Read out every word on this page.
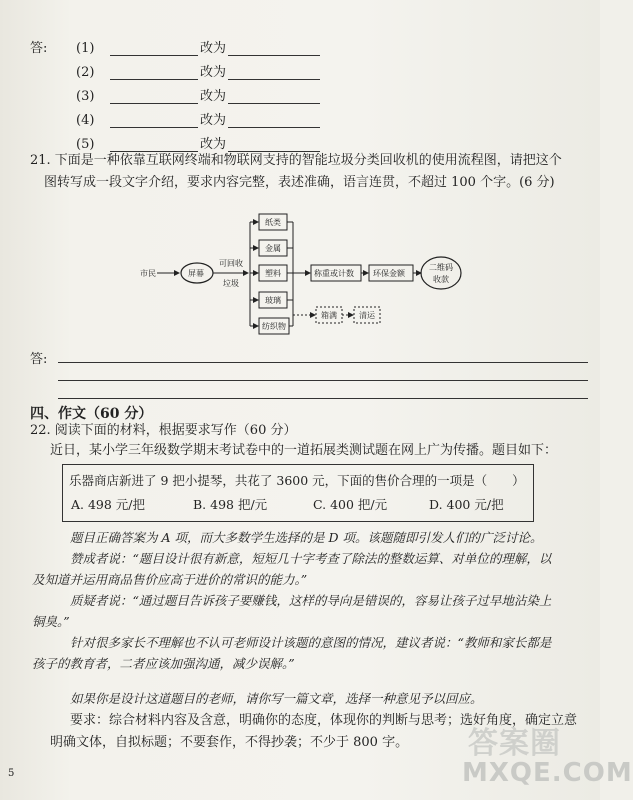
答:	(1)	改为
(2)	改为
(3)	改为
(4)	改为
(5)	改为
21. 下面是一种依靠互联网终端和物联网支持的智能垃圾分类回收机的使用流程图，请把这个
图转写成一段文字介绍，要求内容完整，表述准确，语言连贯，不超过 100 个字。(6 分)
市民	屏幕
可回收
垃圾
纸类
金属
塑料
玻璃
纺织物
称重或计数 环保金额
二维码
收款
箱满	清运
答:
四、作文（60 分）
22. 阅读下面的材料，根据要求写作（60 分）
近日，某小学三年级数学期末考试卷中的一道拓展类测试题在网上广为传播。题目如下：
乐器商店新进了 9 把小提琴，共花了 3600 元，下面的售价合理的一项是（　　）
A. 498 元/把	B. 498 把/元	C. 400 把/元	D. 400 元/把

题目正确答案为 A 项，而大多数学生选择的是 D 项。该题随即引发人们的广泛讨论。

赞成者说：“题目设计很有新意，短短几十字考查了除法的整数运算、对单位的理解，以

及知道并运用商品售价应高于进价的常识的能力。”

质疑者说：“通过题目告诉孩子要赚钱，这样的导向是错误的，容易让孩子过早地沾染上

铜臭。”

针对很多家长不理解也不认可老师设计该题的意图的情况，建议者说：“教师和家长都是

孩子的教育者，二者应该加强沟通，减少误解。”

如果你是设计这道题目的老师，请你写一篇文章，选择一种意见予以回应。

要求：综合材料内容及含意，明确你的态度，体现你的判断与思考；选好角度，确定立意

明确文体，自拟标题；不要套作，不得抄袭；不少于 800 字。

5
答案圈
MXQE.COM
